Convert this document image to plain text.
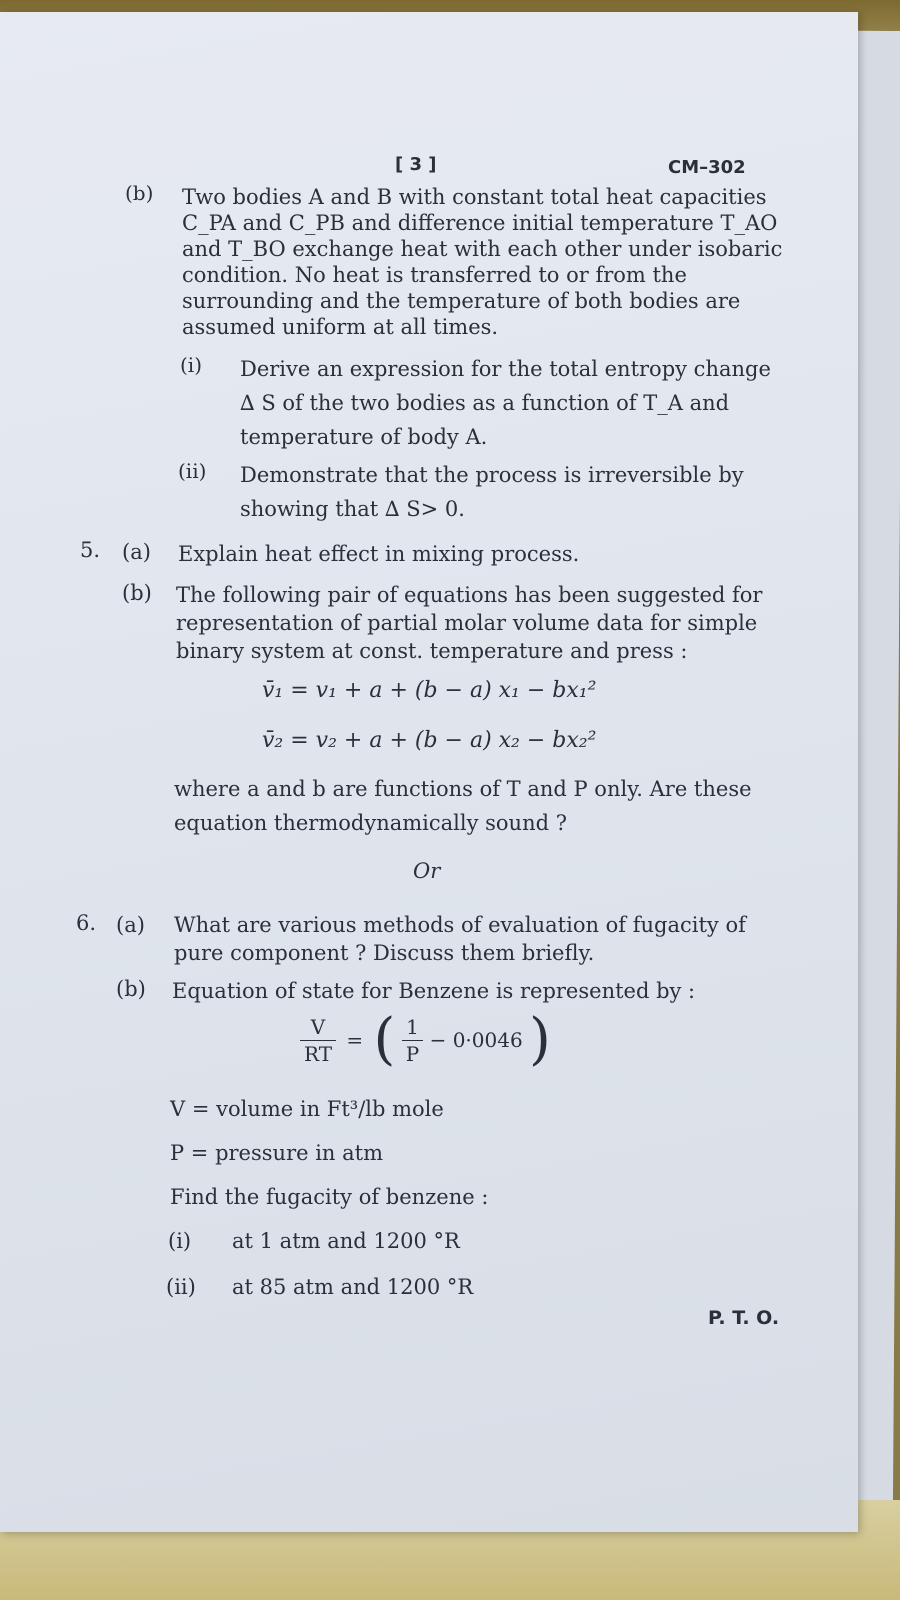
[ 3 ]	CM–302
(b) Two bodies A and B with constant total heat capacities
C_PA and C_PB and difference initial temperature T_AO
and T_BO exchange heat with each other under isobaric
condition. No heat is transferred to or from the
surrounding and the temperature of both bodies are
assumed uniform at all times.
(i) Derive an expression for the total entropy change
∆ S of the two bodies as a function of T_A and
temperature of body A.
(ii) Demonstrate that the process is irreversible by
showing that ∆ S> 0.
5. (a) Explain heat effect in mixing process.
(b) The following pair of equations has been suggested for
representation of partial molar volume data for simple
binary system at const. temperature and press :
v̄₁ = v₁ + a + (b − a) x₁ − bx₁²
v̄₂ = v₂ + a + (b − a) x₂ − bx₂²
where a and b are functions of T and P only. Are these
equation thermodynamically sound ?
Or
6. (a) What are various methods of evaluation of fugacity of
pure component ? Discuss them briefly.
(b) Equation of state for Benzene is represented by :
$\frac{V}{RT}$ = ( $\frac{1}{P} - 0\cdot 0046$ )
V = volume in Ft³/lb mole
P = pressure in atm
Find the fugacity of benzene :
(i) at 1 atm and 1200 °R
(ii) at 85 atm and 1200 °R
P. T. O.
